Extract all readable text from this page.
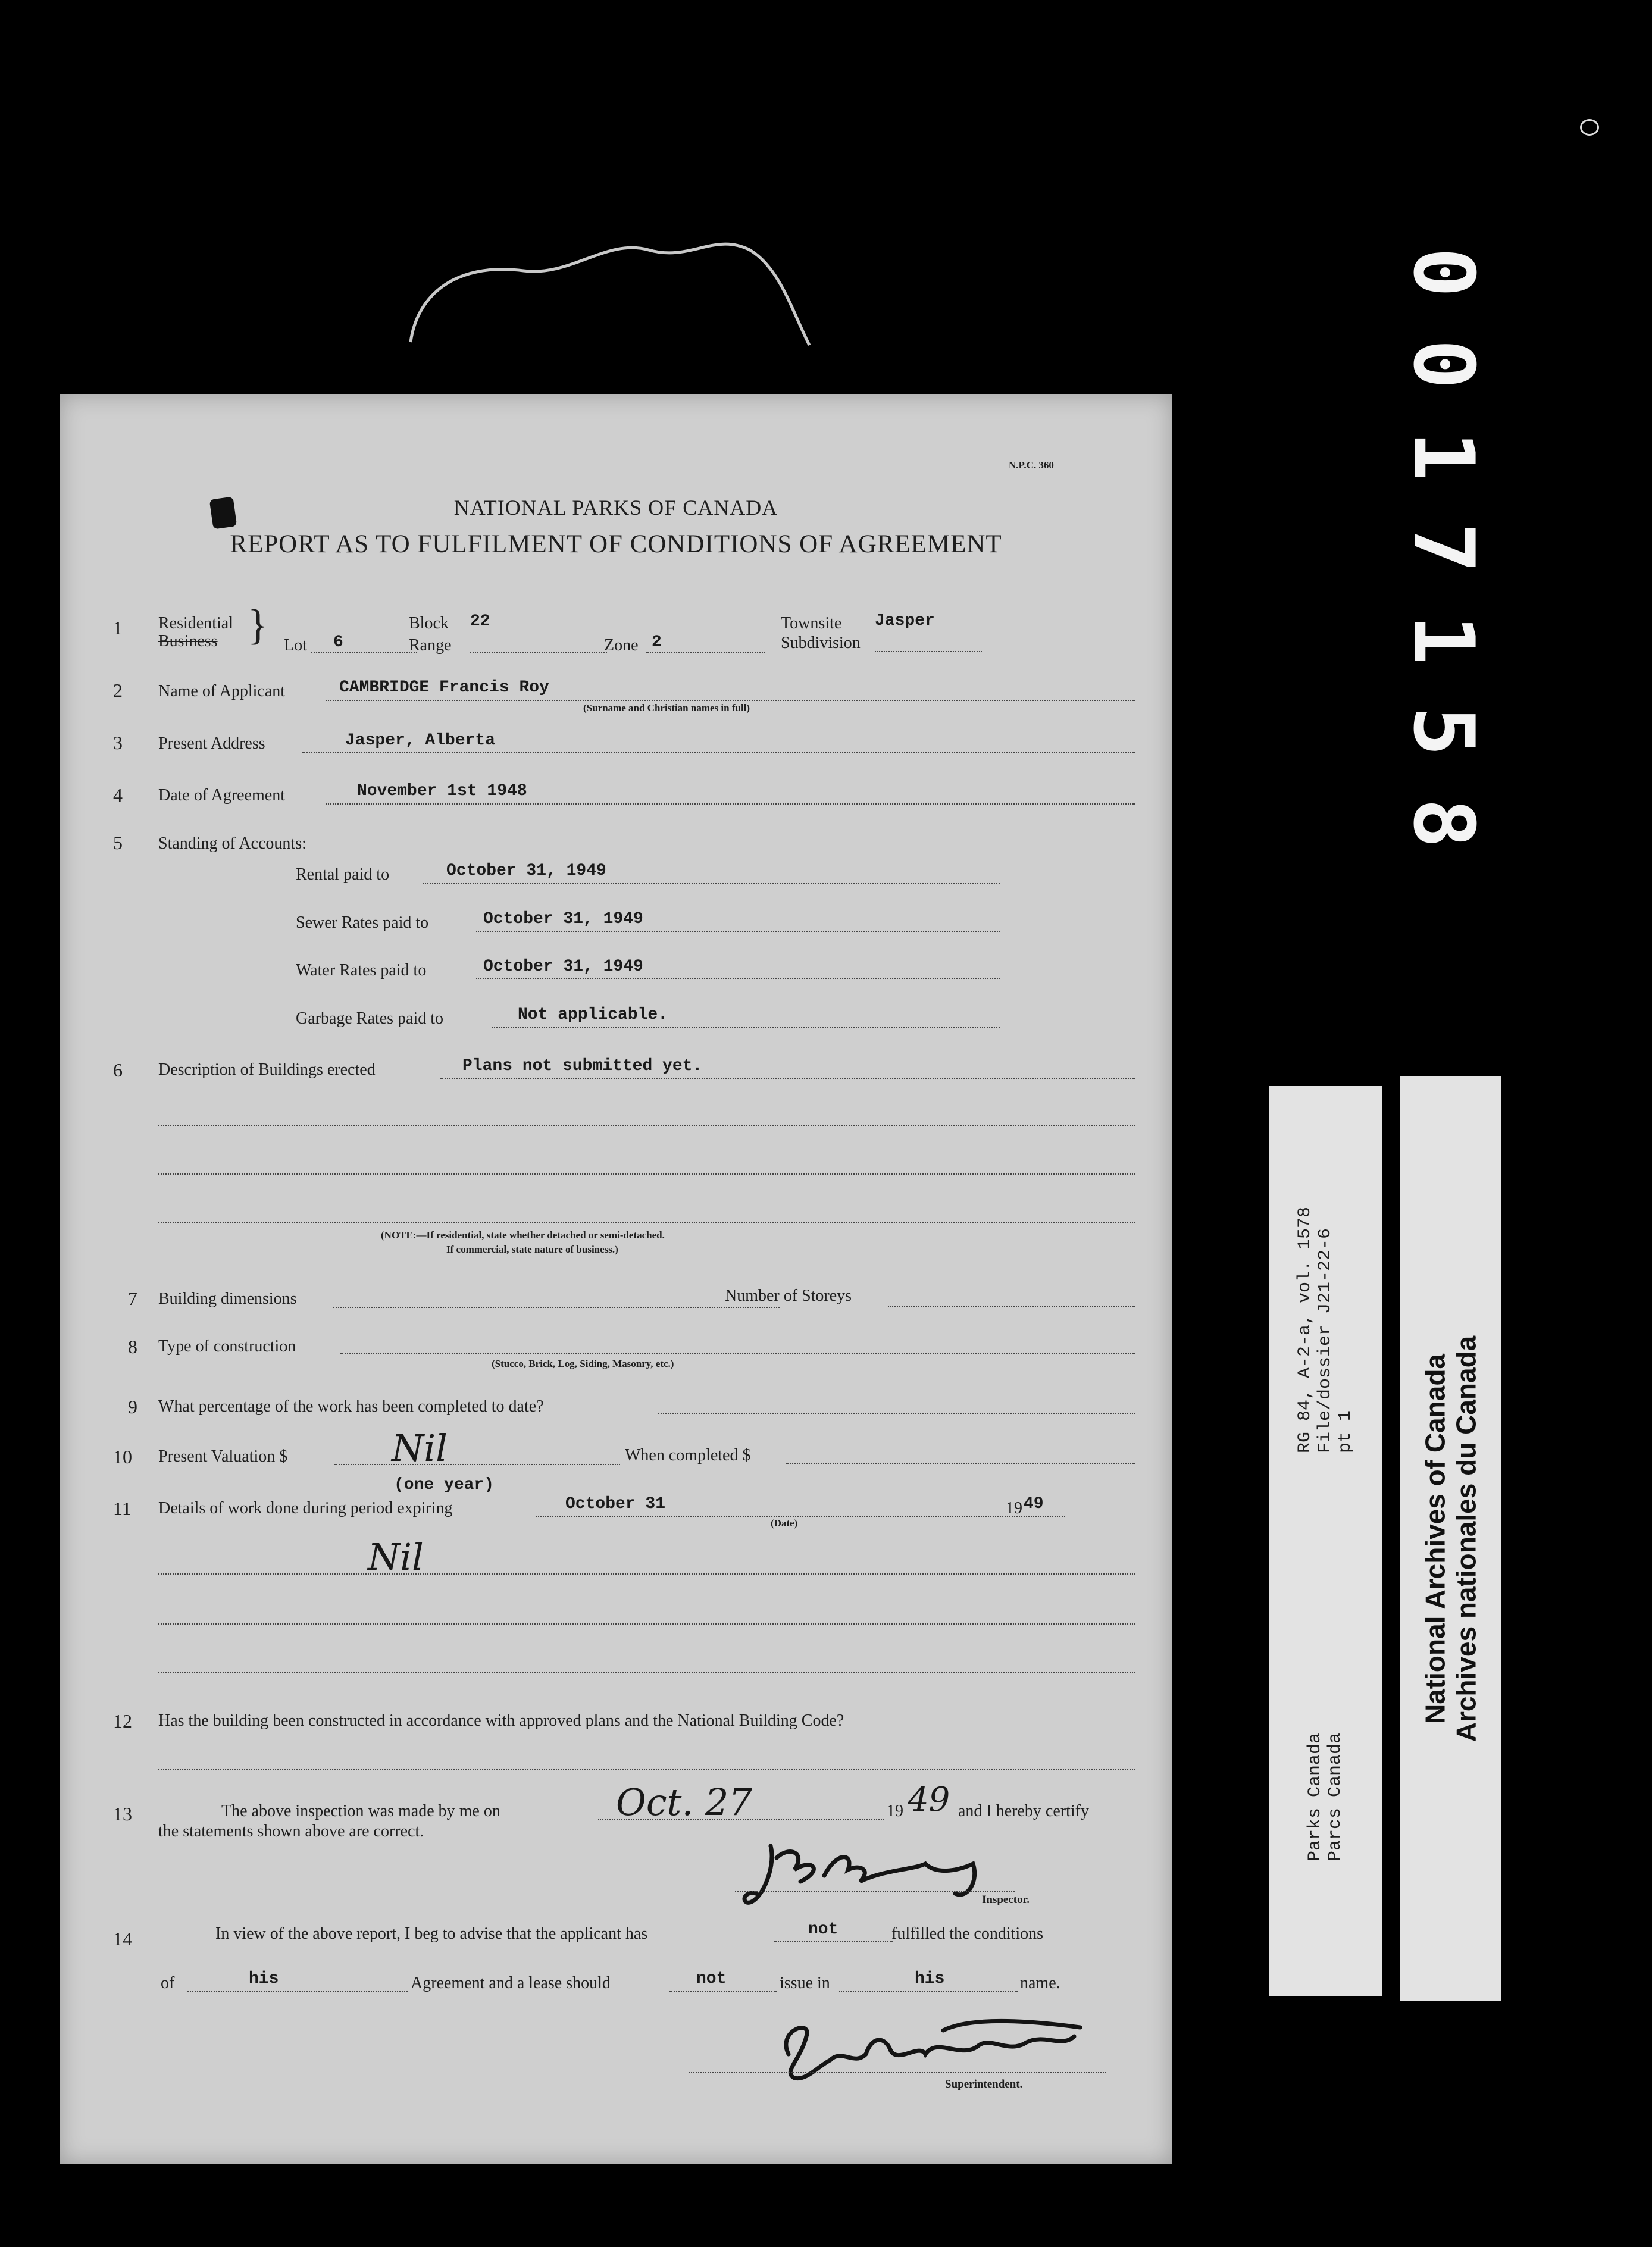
0017158
N.P.C. 360
NATIONAL PARKS OF CANADA
REPORT AS TO FULFILMENT OF CONDITIONS OF AGREEMENT
1 Residential
Business } Lot 6
Block 22
Range	Zone 2
Townsite Jasper
Subdivision
2 Name of Applicant	CAMBRIDGE Francis Roy
(Surname and Christian names in full)
3 Present Address	Jasper, Alberta
4 Date of Agreement	November 1st 1948
5 Standing of Accounts:
Rental paid to	October 31, 1949
Sewer Rates paid to	October 31, 1949
Water Rates paid to	October 31, 1949
Garbage Rates paid to	Not applicable.
6 Description of Buildings erected	Plans not submitted yet.
(NOTE:—If residential, state whether detached or semi-detached.
If commercial, state nature of business.)
7 Building dimensions	Number of Storeys
8 Type of construction
(Stucco, Brick, Log, Siding, Masonry, etc.)
9 What percentage of the work has been completed to date?
10 Present Valuation $	Nil	When completed $
11
(one year)
Details of work done during period expiring	October 31
(Date)
19 49
Nil
12 Has the building been constructed in accordance with approved plans and the National Building Code?
13	The above inspection was made by me on	Oct. 27	19 49 and I hereby certify
the statements shown above are correct.
Inspector.
14	In view of the above report, I beg to advise that the applicant has	not	fulfilled the conditions
of	his	Agreement and a lease should	not	issue in	his	name.
Superintendent.
RG 84, A-2-a, vol. 1578 File/dossier J21-22-6 pt 1
Parks Canada Parcs Canada
National Archives of Canada Archives nationales du Canada
